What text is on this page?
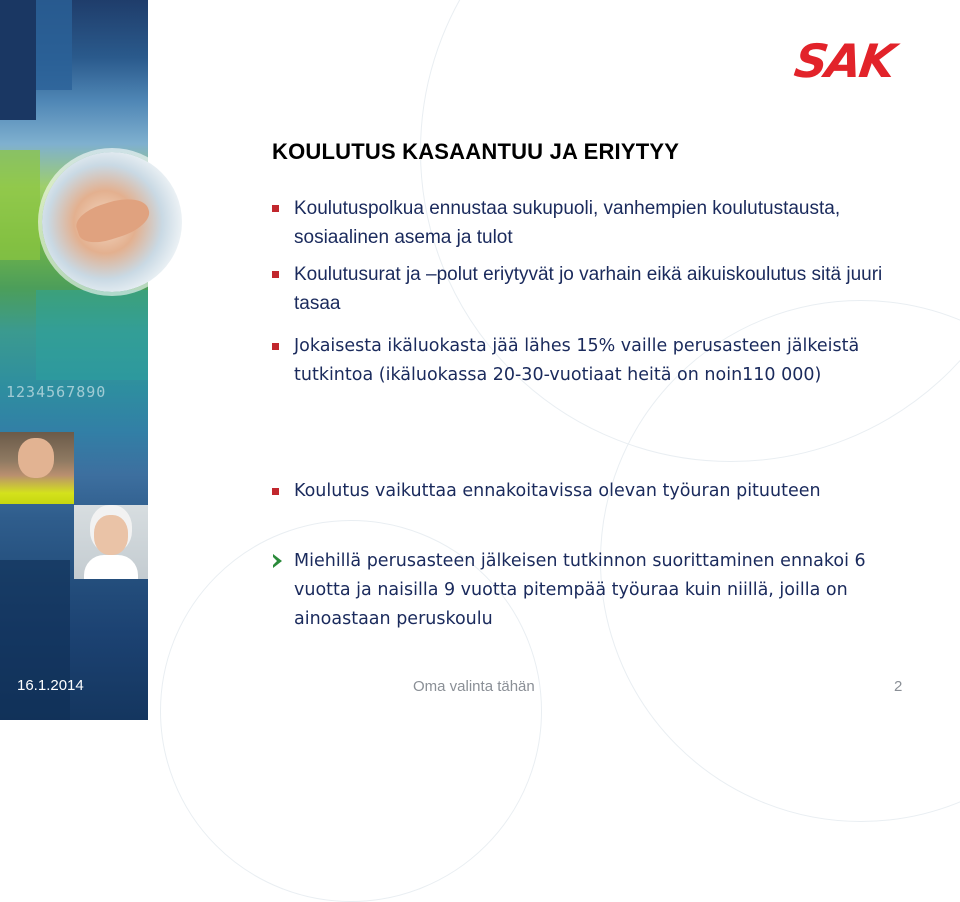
1234567890
SAK
KOULUTUS KASAANTUU JA ERIYTYY
Koulutuspolkua ennustaa sukupuoli, vanhempien koulutustausta, sosiaalinen asema ja tulot
Koulutusurat ja –polut eriytyvät jo varhain eikä aikuiskoulutus sitä juuri tasaa
Jokaisesta ikäluokasta jää lähes 15% vaille perusasteen jälkeistä tutkintoa (ikäluokassa 20-30-vuotiaat heitä on noin110 000)
Koulutus vaikuttaa ennakoitavissa olevan työuran pituuteen
Miehillä perusasteen jälkeisen tutkinnon suorittaminen ennakoi 6 vuotta ja naisilla 9 vuotta pitempää työuraa kuin niillä, joilla on ainoastaan peruskoulu
16.1.2014	Oma valinta tähän	2
